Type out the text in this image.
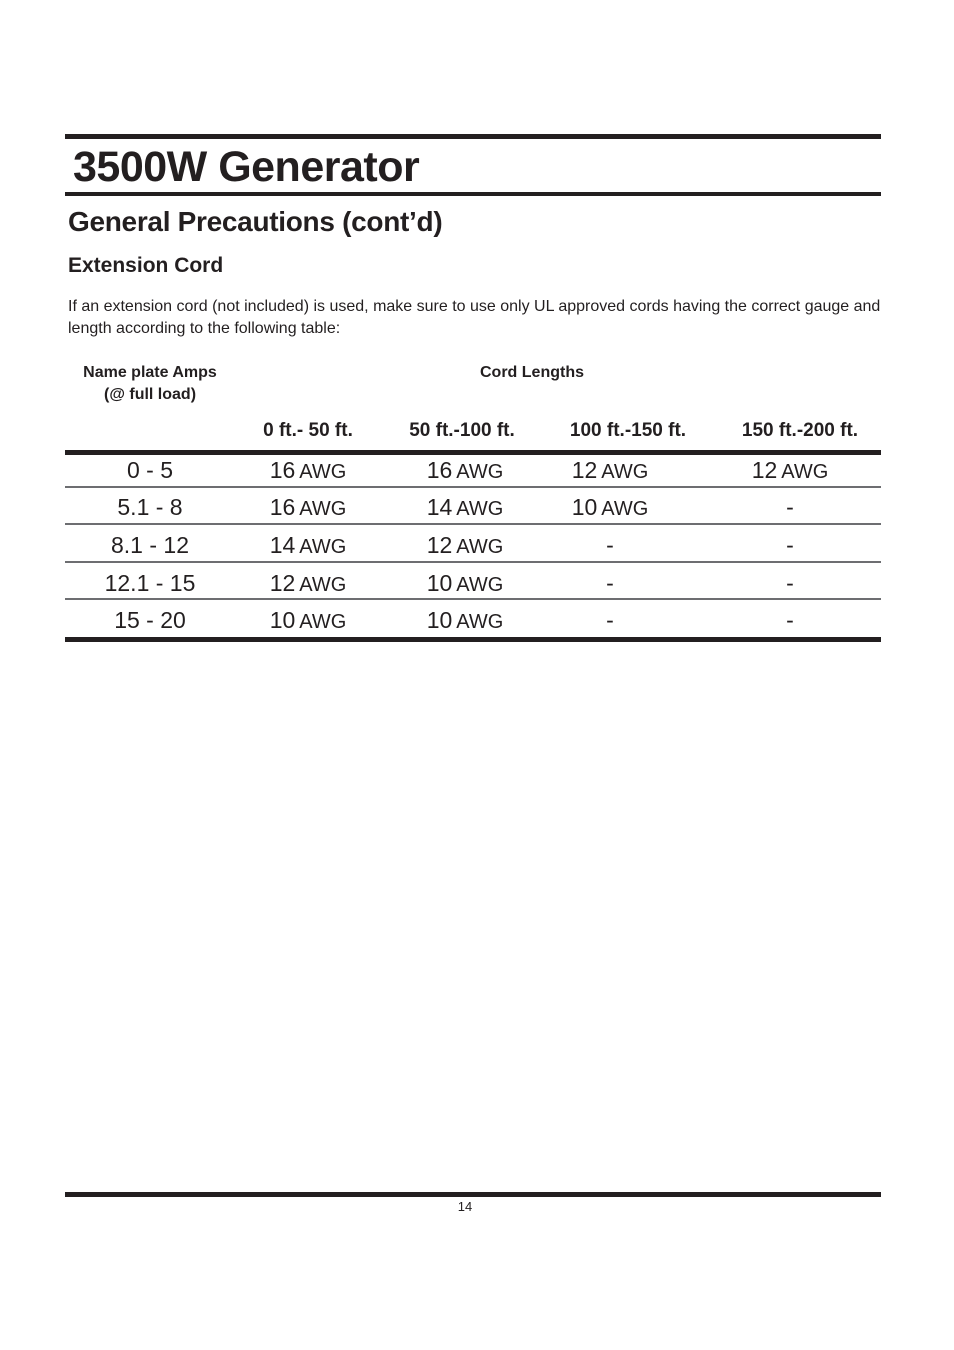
3500W Generator
General Precautions (cont’d)
Extension Cord

If an extension cord (not included) is used, make sure to use only UL approved cords having the correct gauge and length according to the following table:

Name plate Amps
(@ full load)
Cord Lengths
0 ft.- 50 ft.	50 ft.-100 ft.	100 ft.-150 ft.	150 ft.-200 ft.
0 - 5	16 AWG	16 AWG	12 AWG	12 AWG
5.1 - 8	16 AWG	14 AWG	10 AWG	-
8.1 - 12	14 AWG	12 AWG	-	-
12.1 - 15	12 AWG	10 AWG	-	-
15 - 20	10 AWG	10 AWG	-	-
14
